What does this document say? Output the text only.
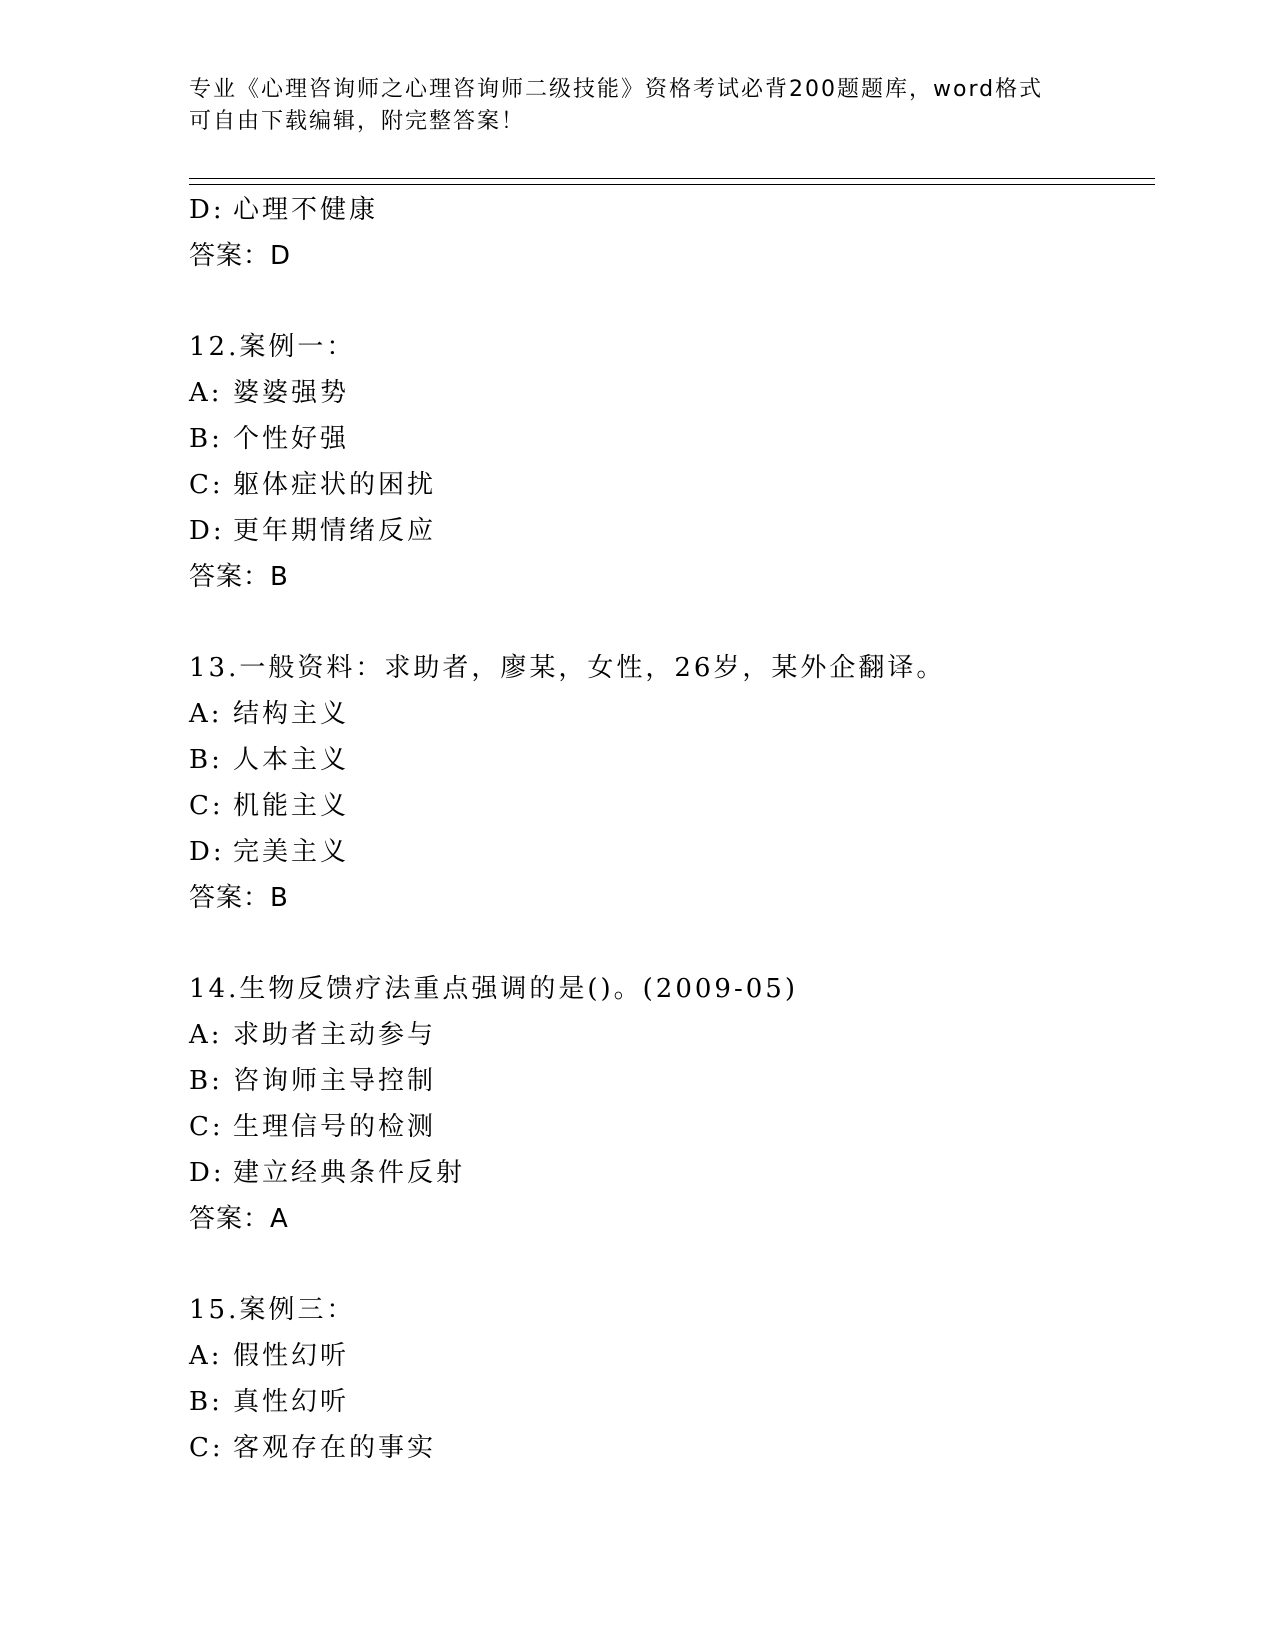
专业《心理咨询师之心理咨询师二级技能》资格考试必背200题题库，word格式
可自由下载编辑，附完整答案！
D: 心理不健康
答案：D
12.案例一：
A: 婆婆强势
B: 个性好强
C: 躯体症状的困扰
D: 更年期情绪反应
答案：B
13.一般资料：求助者，廖某，女性，26岁，某外企翻译。
A: 结构主义
B: 人本主义
C: 机能主义
D: 完美主义
答案：B
14.生物反馈疗法重点强调的是()。(2009-05)
A: 求助者主动参与
B: 咨询师主导控制
C: 生理信号的检测
D: 建立经典条件反射
答案：A
15.案例三：
A: 假性幻听
B: 真性幻听
C: 客观存在的事实
